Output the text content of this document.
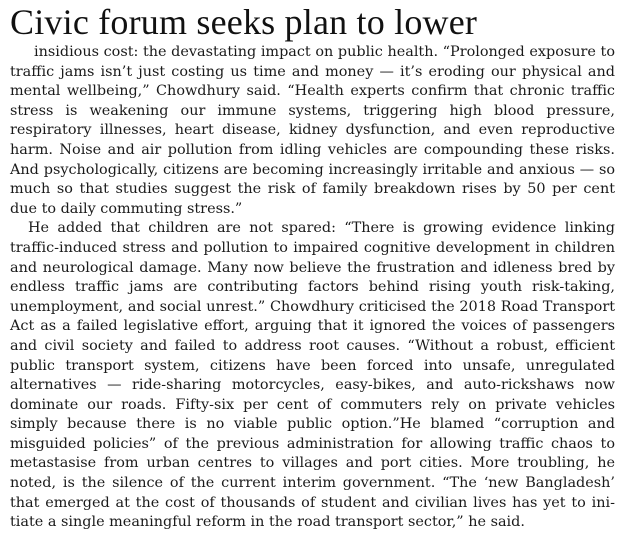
Civic forum seeks plan to lower

insidious cost: the devastating impact on public health. “Prolonged exposure to traffic jams isn’t just costing us time and money — it’s eroding our physical and mental wellbeing,” Chowdhury said. “Health experts confirm that chronic traffic stress is weakening our immune systems, triggering high blood pressure, respiratory illnesses, heart disease, kidney dysfunction, and even reproductive harm. Noise and air pollution from idling vehicles are compounding these risks. And psychologically, citizens are becoming increasingly irritable and anxious — so much so that studies suggest the risk of family breakdown rises by 50 per cent due to daily commuting stress.”

He added that children are not spared: “There is growing evidence linking traffic-induced stress and pollution to impaired cognitive development in children and neurological damage. Many now believe the frustration and idleness bred by endless traffic jams are contributing factors behind rising youth risk-taking, unemployment, and social unrest.” Chowdhury criticised the 2018 Road Transport Act as a failed legislative effort, arguing that it ignored the voices of passengers and civil society and failed to address root causes. “Without a robust, efficient public transport system, citizens have been forced into unsafe, unregulated alternatives — ride-sharing motorcycles, easy-bikes, and auto-rickshaws now dominate our roads. Fifty-six per cent of commuters rely on private vehicles simply because there is no viable public option.”He blamed “corruption and misguided policies” of the previous administration for allowing traffic chaos to metastasise from urban centres to villages and port cities. More troubling, he noted, is the silence of the current interim government. “The ‘new Bangladesh’ that emerged at the cost of thousands of student and civilian lives has yet to initiate a single meaningful reform in the road transport sector,” he said.
